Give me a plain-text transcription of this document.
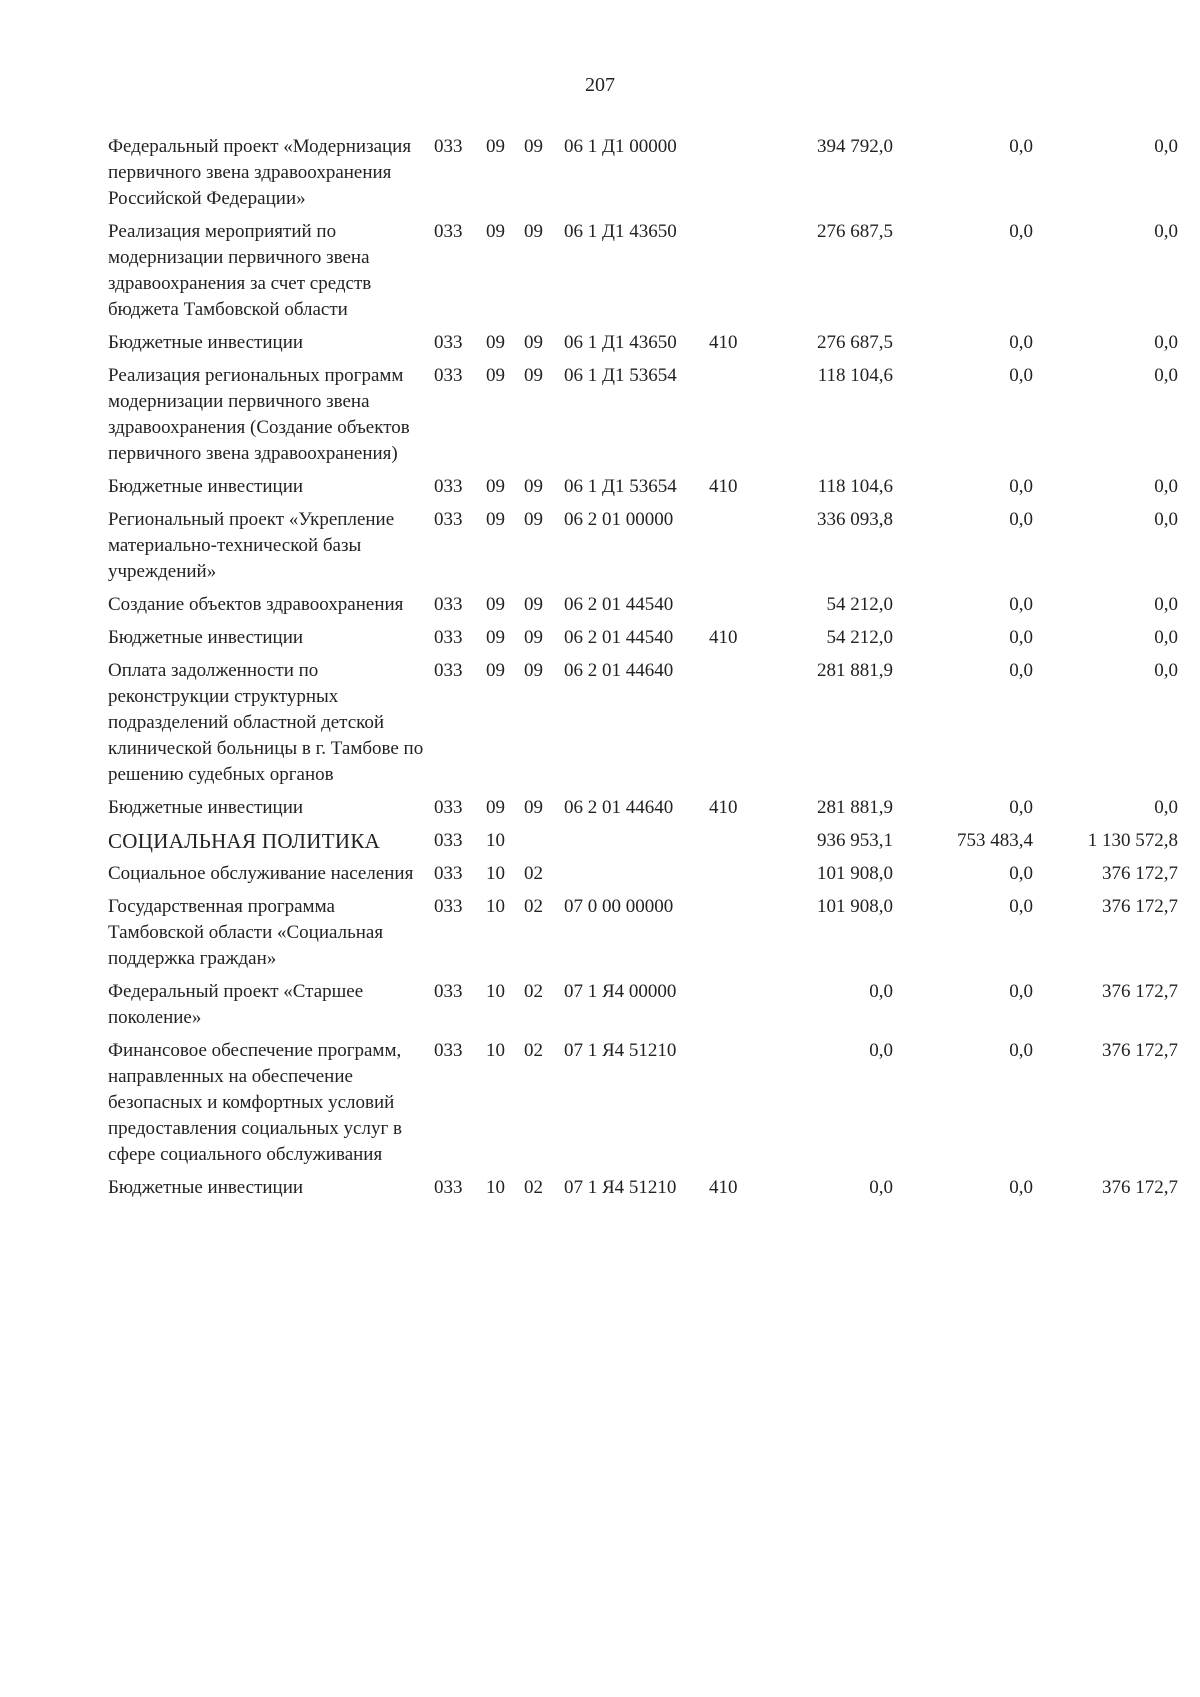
207
Федеральный проект «Модернизация первичного звена здравоохранения Российской Федерации»	033	09	09	06 1 Д1 00000		394 792,0	0,0	0,0
Реализация мероприятий по модернизации первичного звена здравоохранения за счет средств бюджета Тамбовской области	033	09	09	06 1 Д1 43650		276 687,5	0,0	0,0
Бюджетные инвестиции	033	09	09	06 1 Д1 43650	410	276 687,5	0,0	0,0
Реализация региональных программ модернизации первичного звена здравоохранения (Создание объектов первичного звена здравоохранения)	033	09	09	06 1 Д1 53654		118 104,6	0,0	0,0
Бюджетные инвестиции	033	09	09	06 1 Д1 53654	410	118 104,6	0,0	0,0
Региональный проект «Укрепление материально-технической базы учреждений»	033	09	09	06 2 01 00000		336 093,8	0,0	0,0
Создание объектов здравоохранения	033	09	09	06 2 01 44540		54 212,0	0,0	0,0
Бюджетные инвестиции	033	09	09	06 2 01 44540	410	54 212,0	0,0	0,0
Оплата задолженности по реконструкции структурных подразделений областной детской клинической больницы в г. Тамбове по решению судебных органов	033	09	09	06 2 01 44640		281 881,9	0,0	0,0
Бюджетные инвестиции	033	09	09	06 2 01 44640	410	281 881,9	0,0	0,0
СОЦИАЛЬНАЯ ПОЛИТИКА	033	10				936 953,1	753 483,4	1 130 572,8
Социальное обслуживание населения	033	10	02			101 908,0	0,0	376 172,7
Государственная программа Тамбовской области «Социальная поддержка граждан»	033	10	02	07 0 00 00000		101 908,0	0,0	376 172,7
Федеральный проект «Старшее поколение»	033	10	02	07 1 Я4 00000		0,0	0,0	376 172,7
Финансовое обеспечение программ, направленных на обеспечение безопасных и комфортных условий предоставления социальных услуг в сфере социального обслуживания	033	10	02	07 1 Я4 51210		0,0	0,0	376 172,7
Бюджетные инвестиции	033	10	02	07 1 Я4 51210	410	0,0	0,0	376 172,7
